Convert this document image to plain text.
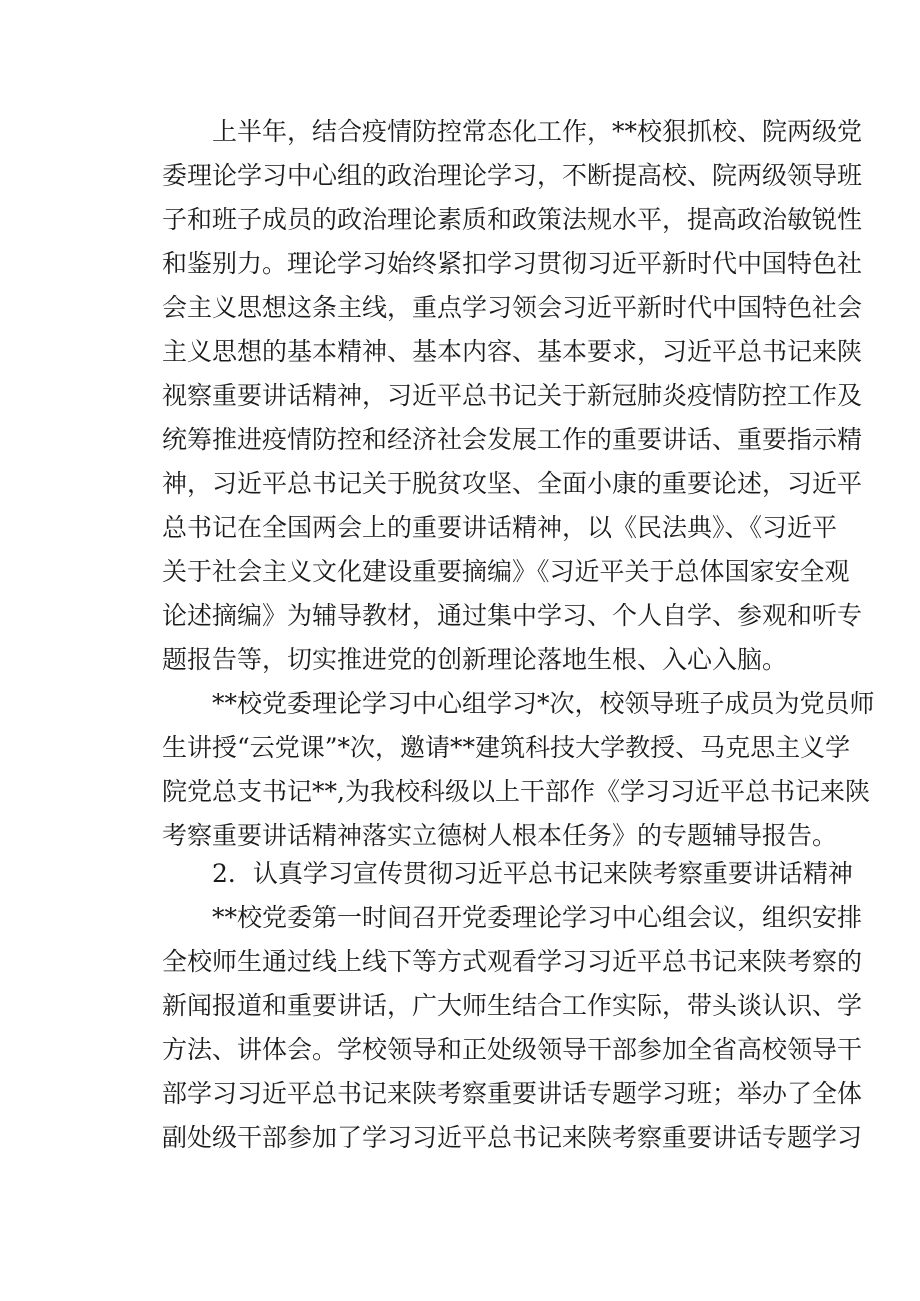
上半年，结合疫情防控常态化工作，**校狠抓校、院两级党
委理论学习中心组的政治理论学习，不断提高校、院两级领导班
子和班子成员的政治理论素质和政策法规水平，提高政治敏锐性
和鉴别力。理论学习始终紧扣学习贯彻习近平新时代中国特色社
会主义思想这条主线，重点学习领会习近平新时代中国特色社会
主义思想的基本精神、基本内容、基本要求，习近平总书记来陕
视察重要讲话精神，习近平总书记关于新冠肺炎疫情防控工作及
统筹推进疫情防控和经济社会发展工作的重要讲话、重要指示精
神，习近平总书记关于脱贫攻坚、全面小康的重要论述，习近平
总书记在全国两会上的重要讲话精神，以《民法典》、《习近平
关于社会主义文化建设重要摘编》《习近平关于总体国家安全观
论述摘编》为辅导教材，通过集中学习、个人自学、参观和听专
题报告等，切实推进党的创新理论落地生根、入心入脑。
**校党委理论学习中心组学习*次，校领导班子成员为党员师
生讲授“云党课”*次，邀请**建筑科技大学教授、马克思主义学
院党总支书记**,为我校科级以上干部作《学习习近平总书记来陕
考察重要讲话精神落实立德树人根本任务》的专题辅导报告。
2．认真学习宣传贯彻习近平总书记来陕考察重要讲话精神
**校党委第一时间召开党委理论学习中心组会议，组织安排
全校师生通过线上线下等方式观看学习习近平总书记来陕考察的
新闻报道和重要讲话，广大师生结合工作实际，带头谈认识、学
方法、讲体会。学校领导和正处级领导干部参加全省高校领导干
部学习习近平总书记来陕考察重要讲话专题学习班；举办了全体
副处级干部参加了学习习近平总书记来陕考察重要讲话专题学习
